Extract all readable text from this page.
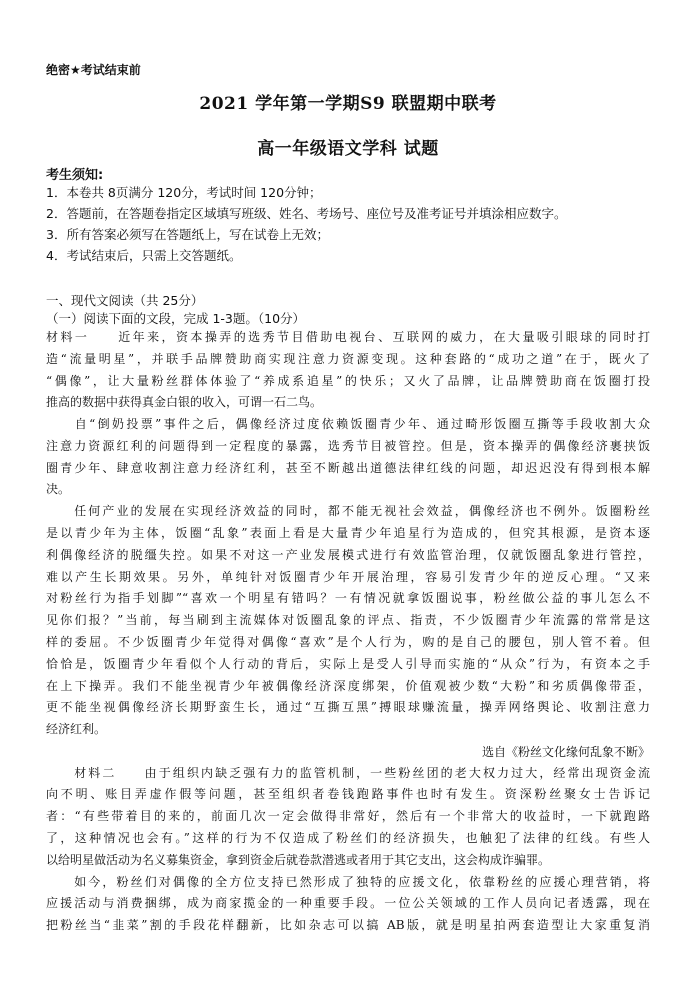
绝密★考试结束前
2021 学年第一学期S9 联盟期中联考
高一年级语文学科 试题
考生须知:
1．本卷共 8页满分 120分，考试时间 120分钟；
2．答题前，在答题卷指定区域填写班级、姓名、考场号、座位号及准考证号并填涂相应数字。
3．所有答案必须写在答题纸上，写在试卷上无效；
4．考试结束后，只需上交答题纸。
一、现代文阅读（共 25分）
（一）阅读下面的文段，完成 1-3题。（10分）
材料一　　近年来，资本操弄的选秀节目借助电视台、互联网的威力，在大量吸引眼球的同时打
造“流量明星”，并联手品牌赞助商实现注意力资源变现。这种套路的“成功之道”在于，既火了
“偶像”，让大量粉丝群体体验了“养成系追星”的快乐；又火了品牌，让品牌赞助商在饭圈打投
推高的数据中获得真金白银的收入，可谓一石二鸟。
　　自“倒奶投票”事件之后，偶像经济过度依赖饭圈青少年、通过畸形饭圈互撕等手段收割大众
注意力资源红利的问题得到一定程度的暴露，选秀节目被管控。但是，资本操弄的偶像经济裹挟饭
圈青少年、肆意收割注意力经济红利，甚至不断越出道德法律红线的问题，却迟迟没有得到根本解
决。
　　任何产业的发展在实现经济效益的同时，都不能无视社会效益，偶像经济也不例外。饭圈粉丝
是以青少年为主体，饭圈“乱象”表面上看是大量青少年追星行为造成的，但究其根源，是资本逐
利偶像经济的脱缰失控。如果不对这一产业发展模式进行有效监管治理，仅就饭圈乱象进行管控，
难以产生长期效果。另外，单纯针对饭圈青少年开展治理，容易引发青少年的逆反心理。“又来
对粉丝行为指手划脚”“喜欢一个明星有错吗？一有情况就拿饭圈说事，粉丝做公益的事儿怎么不
见你们报？”当前，每当刷到主流媒体对饭圈乱象的评点、指责，不少饭圈青少年流露的常常是这
样的委屈。不少饭圈青少年觉得对偶像“喜欢”是个人行为，购的是自己的腰包，别人管不着。但
恰恰是，饭圈青少年看似个人行动的背后，实际上是受人引导而实施的“从众”行为，有资本之手
在上下操弄。我们不能坐视青少年被偶像经济深度绑架，价值观被少数“大粉”和劣质偶像带歪，
更不能坐视偶像经济长期野蛮生长，通过“互撕互黑”搏眼球赚流量，操弄网络舆论、收割注意力
经济红利。
选自《粉丝文化缘何乱象不断》
　　材料二　　由于组织内缺乏强有力的监管机制，一些粉丝团的老大权力过大，经常出现资金流
向不明、账目弄虚作假等问题，甚至组织者卷钱跑路事件也时有发生。资深粉丝聚女士告诉记
者：“有些带着目的来的，前面几次一定会做得非常好，然后有一个非常大的收益时，一下就跑路
了，这种情况也会有。”这样的行为不仅造成了粉丝们的经济损失，也触犯了法律的红线。有些人
以给明星做活动为名义募集资金，拿到资金后就卷款潜逃或者用于其它支出，这会构成诈骗罪。
　　如今，粉丝们对偶像的全方位支持已然形成了独特的应援文化，依靠粉丝的应援心理营销，将
应援活动与消费捆绑，成为商家揽金的一种重要手段。一位公关领域的工作人员向记者透露，现在
把粉丝当“韭菜”割的手段花样翻新，比如杂志可以搞 AB版，就是明星拍两套造型让大家重复消
